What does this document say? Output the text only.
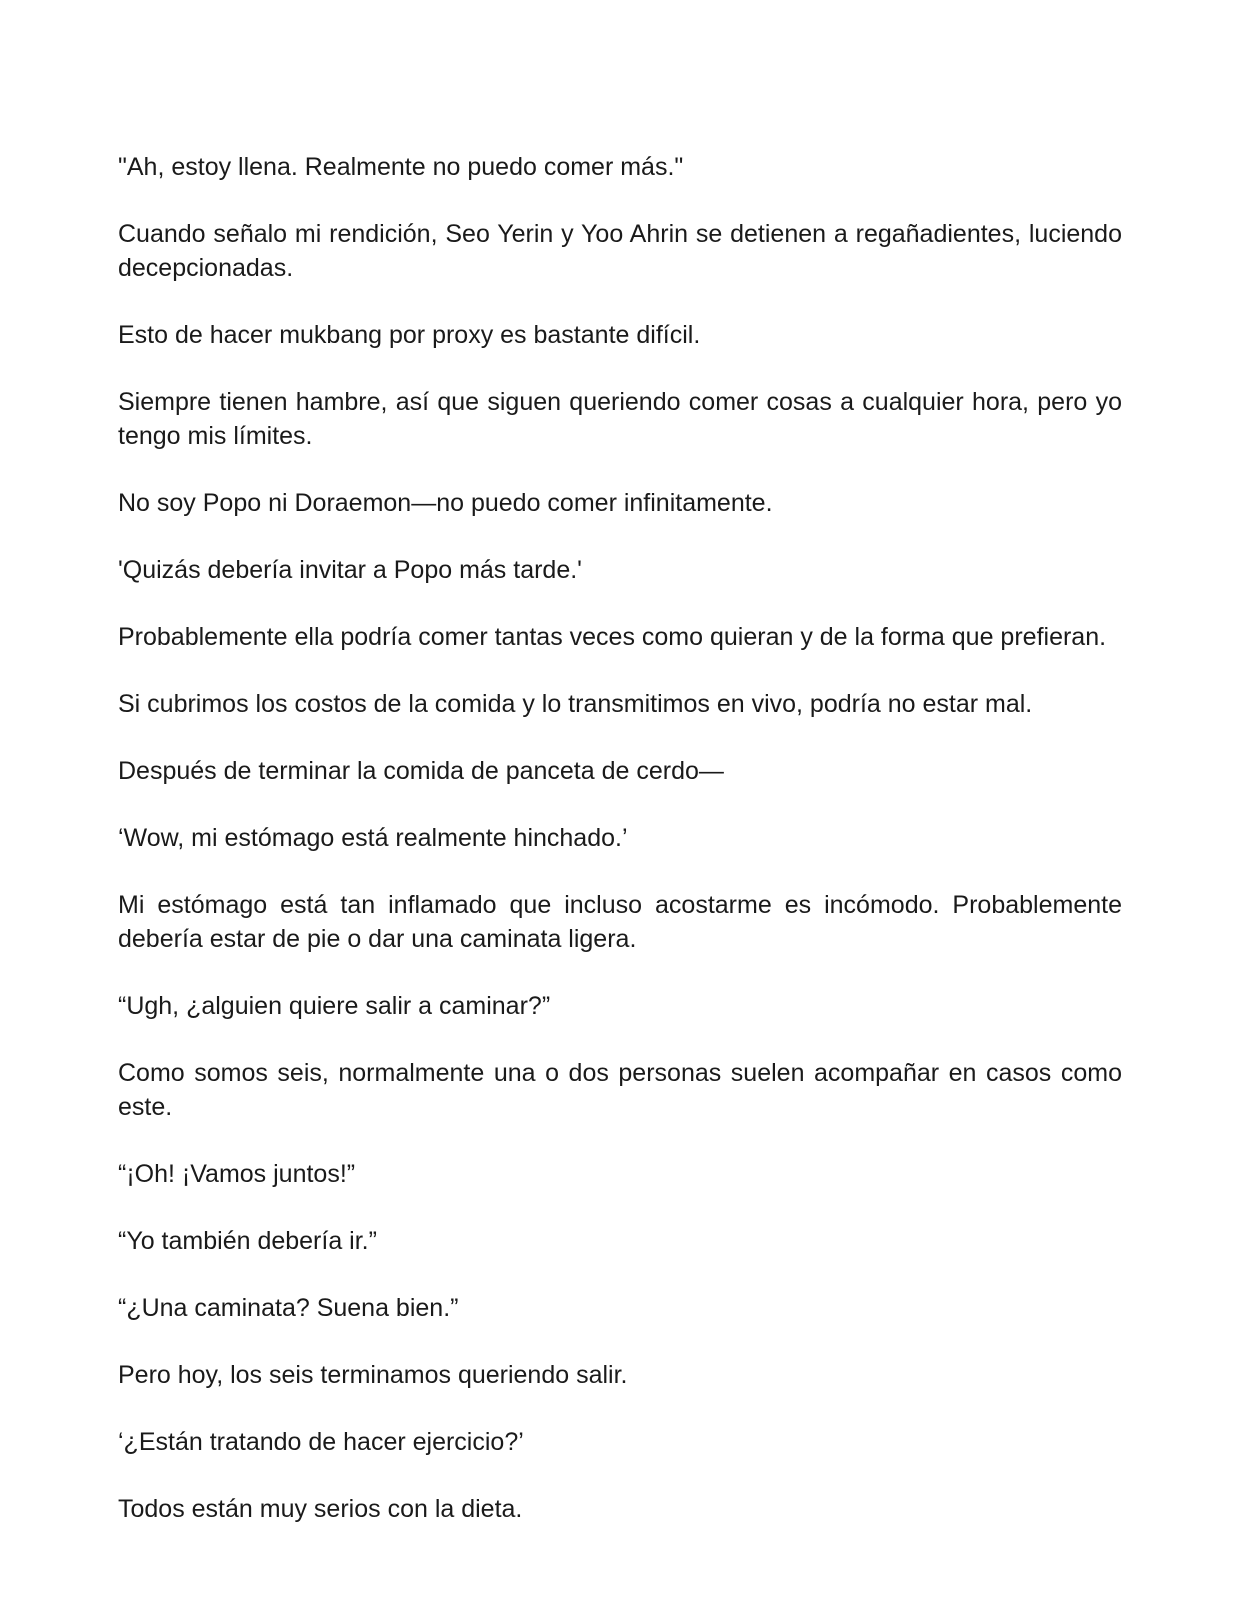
"Ah, estoy llena. Realmente no puedo comer más."

Cuando señalo mi rendición, Seo Yerin y Yoo Ahrin se detienen a regañadientes, luciendo decepcionadas.

Esto de hacer mukbang por proxy es bastante difícil.

Siempre tienen hambre, así que siguen queriendo comer cosas a cualquier hora, pero yo tengo mis límites.

No soy Popo ni Doraemon—no puedo comer infinitamente.

'Quizás debería invitar a Popo más tarde.'

Probablemente ella podría comer tantas veces como quieran y de la forma que prefieran.

Si cubrimos los costos de la comida y lo transmitimos en vivo, podría no estar mal.

Después de terminar la comida de panceta de cerdo—

‘Wow, mi estómago está realmente hinchado.’

Mi estómago está tan inflamado que incluso acostarme es incómodo. Probablemente debería estar de pie o dar una caminata ligera.

“Ugh, ¿alguien quiere salir a caminar?”

Como somos seis, normalmente una o dos personas suelen acompañar en casos como este.

“¡Oh! ¡Vamos juntos!”

“Yo también debería ir.”

“¿Una caminata? Suena bien.”

Pero hoy, los seis terminamos queriendo salir.

‘¿Están tratando de hacer ejercicio?’

Todos están muy serios con la dieta.
